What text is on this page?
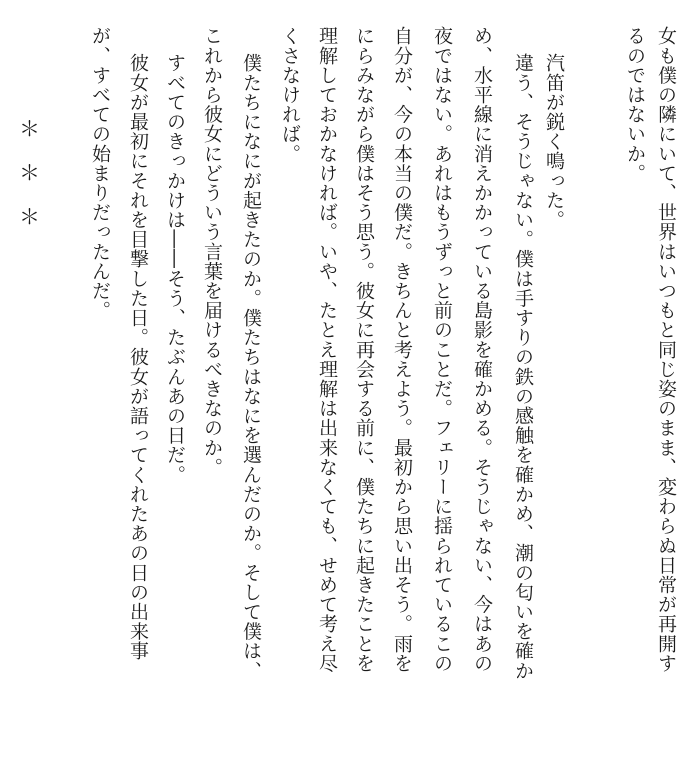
女も僕の隣にいて、世界はいつもと同じ姿のまま、変わらぬ日常が再開す

るのではないか。

汽笛が鋭く鳴った。

違う、そうじゃない。僕は手すりの鉄の感触を確かめ、潮の匂いを確か

め、水平線に消えかかっている島影を確かめる。そうじゃない、今はあの

夜ではない。あれはもうずっと前のことだ。フェリーに揺られているこの

自分が、今の本当の僕だ。きちんと考えよう。最初から思い出そう。雨を

にらみながら僕はそう思う。彼女に再会する前に、僕たちに起きたことを

理解しておかなければ。いや、たとえ理解は出来なくても、せめて考え尽

くさなければ。

僕たちになにが起きたのか。僕たちはなにを選んだのか。そして僕は、

これから彼女にどういう言葉を届けるべきなのか。

すべてのきっかけは――そう、たぶんあの日だ。

彼女が最初にそれを目撃した日。彼女が語ってくれたあの日の出来事

が、すべての始まりだったんだ。

＊
＊
＊
